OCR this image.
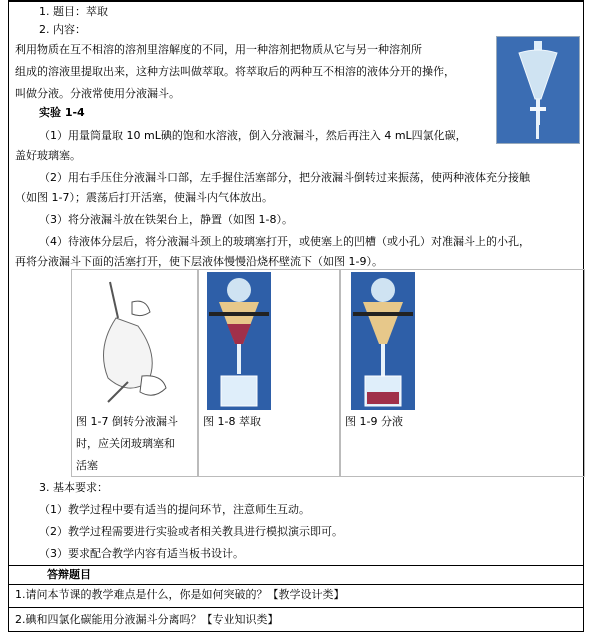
1. 题目：萃取
2. 内容：
利用物质在互不相溶的溶剂里溶解度的不同，用一种溶剂把物质从它与另一种溶剂所
组成的溶液里提取出来，这种方法叫做萃取。将萃取后的两种互不相溶的液体分开的操作，
叫做分液。分液常使用分液漏斗。
实验 1-4
（1）用量筒量取 10 mL碘的饱和水溶液，倒入分液漏斗，然后再注入 4 mL四氯化碳，
盖好玻璃塞。
（2）用右手压住分液漏斗口部，左手握住活塞部分，把分液漏斗倒转过来振荡，使两种液体充分接触
（如图 1-7）；震荡后打开活塞，使漏斗内气体放出。
（3）将分液漏斗放在铁架台上，静置（如图 1-8）。
（4）待液体分层后，将分液漏斗颈上的玻璃塞打开，或使塞上的凹槽（或小孔）对准漏斗上的小孔，
再将分液漏斗下面的活塞打开，使下层液体慢慢沿烧杯壁流下（如图 1-9）。
图 1-7 倒转分液漏斗
时，应关闭玻璃塞和
活塞
图 1-8 萃取	图 1-9 分液
3. 基本要求：
（1）教学过程中要有适当的提问环节，注意师生互动。
（2）教学过程需要进行实验或者相关教具进行模拟演示即可。
（3）要求配合教学内容有适当板书设计。
答辩题目
1.请问本节课的教学难点是什么，你是如何突破的？【教学设计类】
2.碘和四氯化碳能用分液漏斗分离吗？【专业知识类】
